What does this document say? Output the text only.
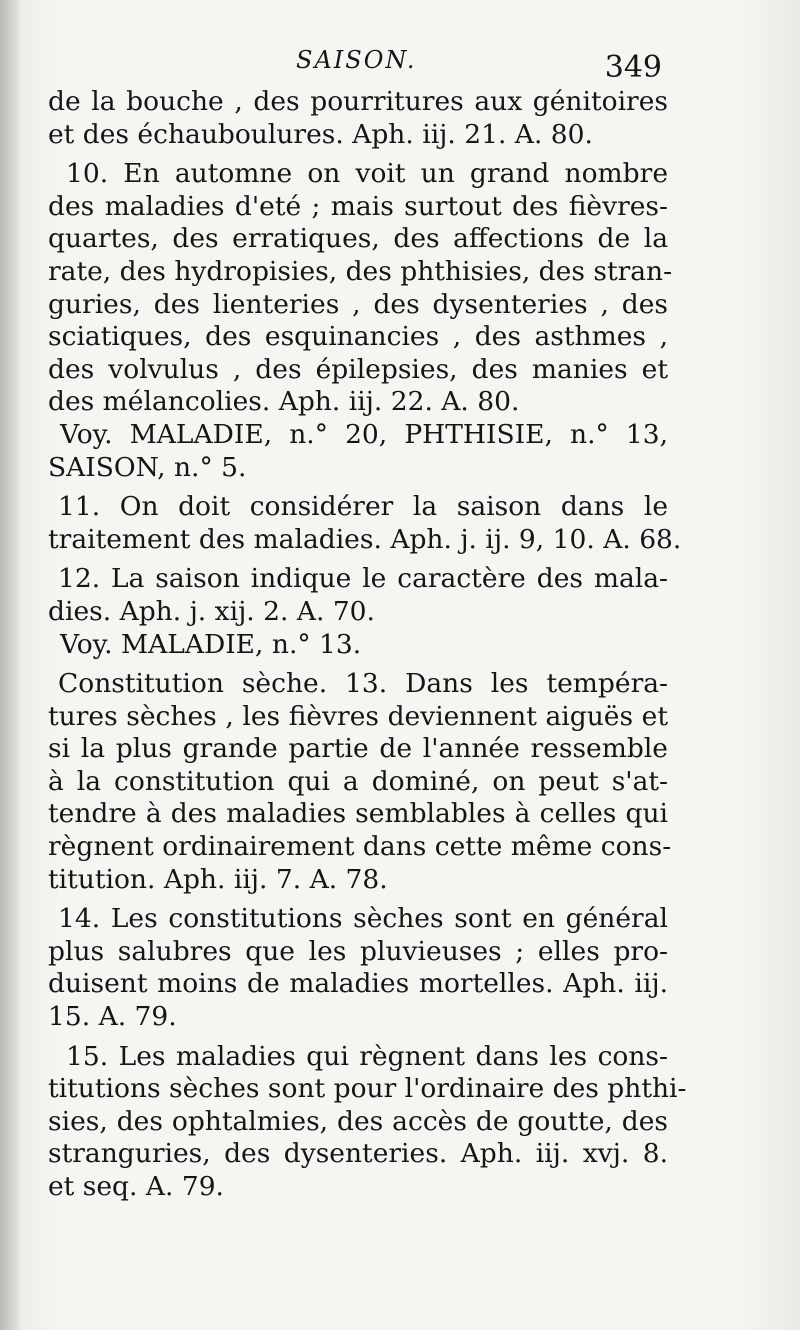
SAISON.	349
de la bouche , des pourritures aux génitoires
et des échauboulures. Aph. iij. 21. A. 80.
10. En automne on voit un grand nombre
des maladies d'eté ; mais surtout des fièvres-
quartes, des erratiques, des affections de la
rate, des hydropisies, des phthisies, des stran-
guries, des lienteries , des dysenteries , des
sciatiques, des esquinancies , des asthmes ,
des volvulus , des épilepsies, des manies et
des mélancolies. Aph. iij. 22. A. 80.
Voy. MALADIE, n.° 20, PHTHISIE, n.° 13,
SAISON, n.° 5.
11. On doit considérer la saison dans le
traitement des maladies. Aph. j. ij. 9, 10. A. 68.
12. La saison indique le caractère des mala-
dies. Aph. j. xij. 2. A. 70.
Voy. MALADIE, n.° 13.
Constitution sèche. 13. Dans les tempéra-
tures sèches , les fièvres deviennent aiguës et
si la plus grande partie de l'année ressemble
à la constitution qui a dominé, on peut s'at-
tendre à des maladies semblables à celles qui
règnent ordinairement dans cette même cons-
titution. Aph. iij. 7. A. 78.
14. Les constitutions sèches sont en général
plus salubres que les pluvieuses ; elles pro-
duisent moins de maladies mortelles. Aph. iij.
15. A. 79.
15. Les maladies qui règnent dans les cons-
titutions sèches sont pour l'ordinaire des phthi-
sies, des ophtalmies, des accès de goutte, des
stranguries, des dysenteries. Aph. iij. xvj. 8.
et seq. A. 79.
